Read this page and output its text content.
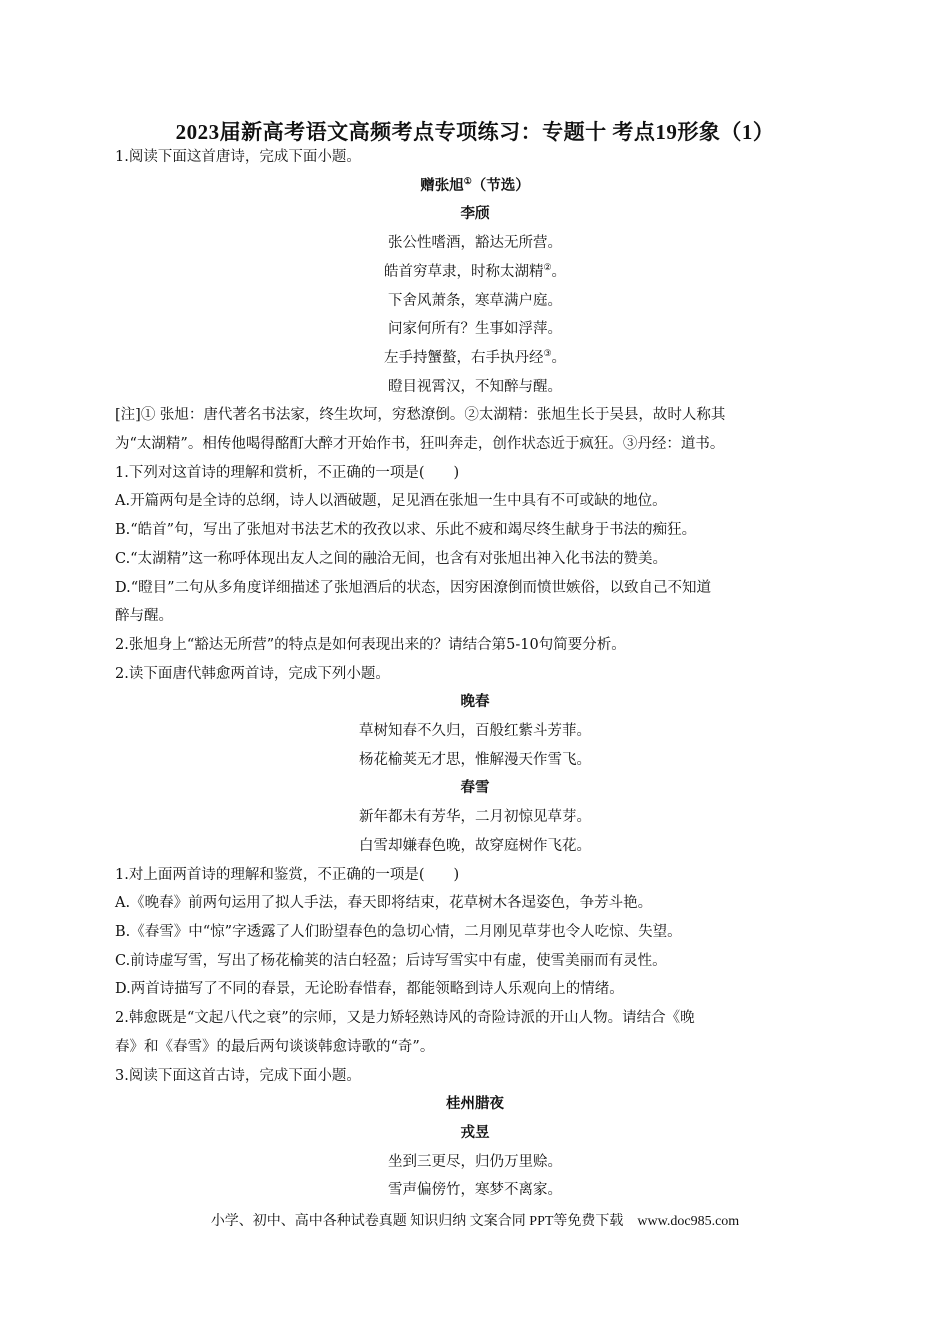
2023届新高考语文高频考点专项练习：专题十 考点19形象（1）

1.阅读下面这首唐诗，完成下面小题。

赠张旭①（节选）

李颀

张公性嗜酒，豁达无所营。

皓首穷草隶，时称太湖精②。

下舍风萧条，寒草满户庭。

问家何所有？生事如浮萍。

左手持蟹螯，右手执丹经③。

瞪目视霄汉，不知醉与醒。

[注]① 张旭：唐代著名书法家，终生坎坷，穷愁潦倒。②太湖精：张旭生长于吴县，故时人称其

为“太湖精”。相传他喝得酩酊大醉才开始作书，狂叫奔走，创作状态近于疯狂。③丹经：道书。

1.下列对这首诗的理解和赏析，不正确的一项是(　　)

A.开篇两句是全诗的总纲，诗人以酒破题，足见酒在张旭一生中具有不可或缺的地位。

B.“皓首”句，写出了张旭对书法艺术的孜孜以求、乐此不疲和竭尽终生献身于书法的痴狂。

C.“太湖精”这一称呼体现出友人之间的融洽无间，也含有对张旭出神入化书法的赞美。

D.“瞪目”二句从多角度详细描述了张旭酒后的状态，因穷困潦倒而愤世嫉俗，以致自己不知道

醉与醒。

2.张旭身上“豁达无所营”的特点是如何表现出来的？请结合第5-10句简要分析。

2.读下面唐代韩愈两首诗，完成下列小题。

晚春

草树知春不久归，百般红紫斗芳菲。

杨花榆荚无才思，惟解漫天作雪飞。

春雪

新年都未有芳华，二月初惊见草芽。

白雪却嫌春色晚，故穿庭树作飞花。

1.对上面两首诗的理解和鉴赏，不正确的一项是(　　)

A.《晚春》前两句运用了拟人手法，春天即将结束，花草树木各逞姿色，争芳斗艳。

B.《春雪》中“惊”字透露了人们盼望春色的急切心情，二月刚见草芽也令人吃惊、失望。

C.前诗虚写雪，写出了杨花榆荚的洁白轻盈；后诗写雪实中有虚，使雪美丽而有灵性。

D.两首诗描写了不同的春景，无论盼春惜春，都能领略到诗人乐观向上的情绪。

2.韩愈既是“文起八代之衰”的宗师，又是力矫轻熟诗风的奇险诗派的开山人物。请结合《晚

春》和《春雪》的最后两句谈谈韩愈诗歌的“奇”。

3.阅读下面这首古诗，完成下面小题。

桂州腊夜

戎昱

坐到三更尽，归仍万里赊。

雪声偏傍竹，寒梦不离家。

小学、初中、高中各种试卷真题 知识归纳 文案合同 PPT等免费下载　www.doc985.com
